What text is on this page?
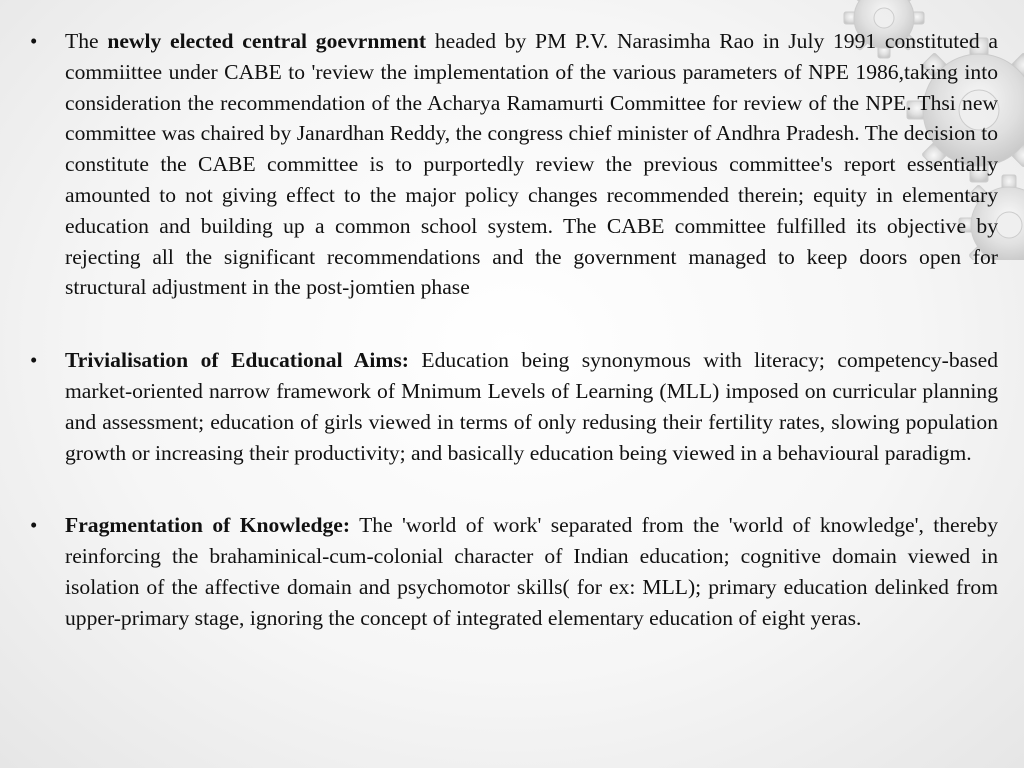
•	The newly elected central goevrnment headed by PM P.V. Narasimha Rao in July 1991 constituted a commiittee under CABE to 'review the implementation of the various parameters of NPE 1986,taking into consideration the recommendation of the Acharya Ramamurti Committee for review of the NPE. Thsi new committee was chaired by Janardhan Reddy, the congress chief minister of Andhra Pradesh. The decision to constitute the CABE committee is to purportedly review the previous committee's report essentially amounted to not giving effect to the major policy changes recommended therein; equity in elementary education and building up a common school system. The CABE committee fulfilled its objective by rejecting all the significant recommendations and the government managed to keep doors open for structural adjustment in the post-jomtien phase
•	Trivialisation of Educational Aims: Education being synonymous with literacy; competency-based market-oriented narrow framework of Mnimum Levels of Learning (MLL) imposed on curricular planning and assessment; education of girls viewed in terms of only redusing their fertility rates, slowing population growth or increasing their productivity; and basically education being viewed in a behavioural paradigm.
•	Fragmentation of Knowledge: The 'world of work' separated from the 'world of knowledge', thereby reinforcing the brahaminical-cum-colonial character of Indian education; cognitive domain viewed in isolation of the affective domain and psychomotor skills( for ex: MLL); primary education delinked from upper-primary stage, ignoring the concept of integrated elementary education of eight yeras.
